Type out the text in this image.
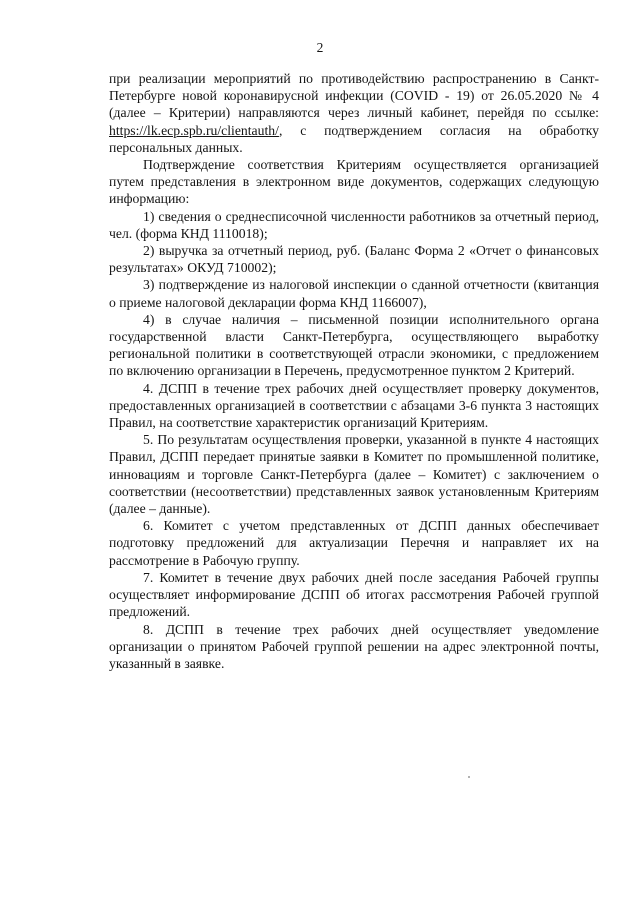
2

при реализации мероприятий по противодействию распространению в Санкт-Петербурге новой коронавирусной инфекции (COVID - 19) от 26.05.2020 № 4 (далее – Критерии) направляются через личный кабинет, перейдя по ссылке: https://lk.ecp.spb.ru/clientauth/, с подтверждением согласия на обработку персональных данных.

Подтверждение соответствия Критериям осуществляется организацией путем представления в электронном виде документов, содержащих следующую информацию:

1) сведения о среднесписочной численности работников за отчетный период, чел. (форма КНД 1110018);

2) выручка за отчетный период, руб. (Баланс Форма 2 «Отчет о финансовых результатах» ОКУД 710002);

3) подтверждение из налоговой инспекции о сданной отчетности (квитанция о приеме налоговой декларации форма КНД 1166007),

4) в случае наличия – письменной позиции исполнительного органа государственной власти Санкт-Петербурга, осуществляющего выработку региональной политики в соответствующей отрасли экономики, с предложением по включению организации в Перечень, предусмотренное пунктом 2 Критерий.

4. ДСПП в течение трех рабочих дней осуществляет проверку документов, предоставленных организацией в соответствии с абзацами 3-6 пункта 3 настоящих Правил, на соответствие характеристик организаций Критериям.

5. По результатам осуществления проверки, указанной в пункте 4 настоящих Правил, ДСПП передает принятые заявки в Комитет по промышленной политике, инновациям и торговле Санкт-Петербурга (далее – Комитет) с заключением о соответствии (несоответствии) представленных заявок установленным Критериям (далее – данные).

6. Комитет с учетом представленных от ДСПП данных обеспечивает подготовку предложений для актуализации Перечня и направляет их на рассмотрение в Рабочую группу.

7. Комитет в течение двух рабочих дней после заседания Рабочей группы осуществляет информирование ДСПП об итогах рассмотрения Рабочей группой предложений.

8. ДСПП в течение трех рабочих дней осуществляет уведомление организации о принятом Рабочей группой решении на адрес электронной почты, указанный в заявке.
